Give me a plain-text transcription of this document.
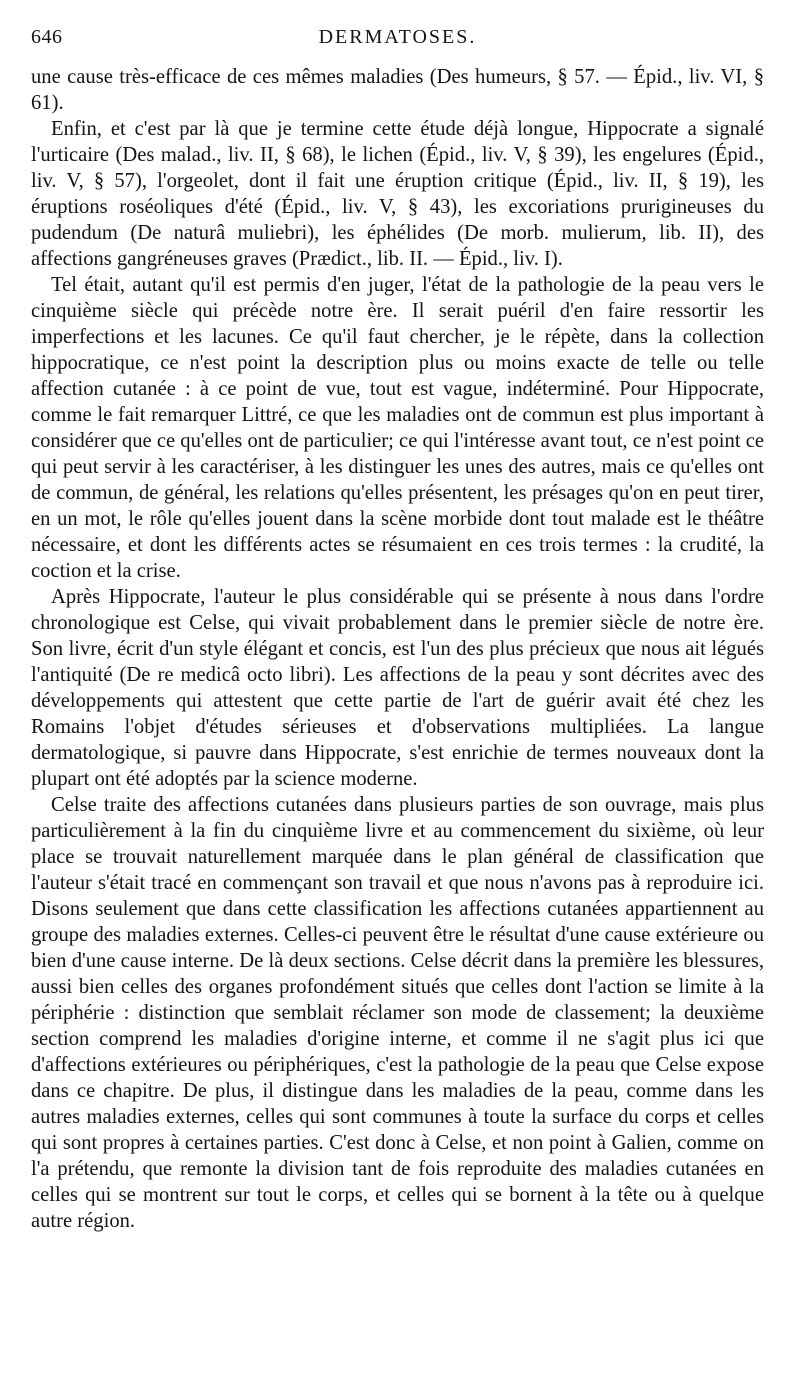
646	DERMATOSES.

une cause très-efficace de ces mêmes maladies (Des humeurs, § 57. — Épid., liv. VI, § 61).

Enfin, et c'est par là que je termine cette étude déjà longue, Hippocrate a signalé l'urticaire (Des malad., liv. II, § 68), le lichen (Épid., liv. V, § 39), les engelures (Épid., liv. V, § 57), l'orgeolet, dont il fait une éruption critique (Épid., liv. II, § 19), les éruptions roséoliques d'été (Épid., liv. V, § 43), les excoriations prurigineuses du pudendum (De naturâ muliebri), les éphélides (De morb. mulierum, lib. II), des affections gangréneuses graves (Prædict., lib. II. — Épid., liv. I).

Tel était, autant qu'il est permis d'en juger, l'état de la pathologie de la peau vers le cinquième siècle qui précède notre ère. Il serait puéril d'en faire ressortir les imperfections et les lacunes. Ce qu'il faut chercher, je le répète, dans la collection hippocratique, ce n'est point la description plus ou moins exacte de telle ou telle affection cutanée : à ce point de vue, tout est vague, indéterminé. Pour Hippocrate, comme le fait remarquer Littré, ce que les maladies ont de commun est plus important à considérer que ce qu'elles ont de particulier; ce qui l'intéresse avant tout, ce n'est point ce qui peut servir à les caractériser, à les distinguer les unes des autres, mais ce qu'elles ont de commun, de général, les relations qu'elles présentent, les présages qu'on en peut tirer, en un mot, le rôle qu'elles jouent dans la scène morbide dont tout malade est le théâtre nécessaire, et dont les différents actes se résumaient en ces trois termes : la crudité, la coction et la crise.

Après Hippocrate, l'auteur le plus considérable qui se présente à nous dans l'ordre chronologique est Celse, qui vivait probablement dans le premier siècle de notre ère. Son livre, écrit d'un style élégant et concis, est l'un des plus précieux que nous ait légués l'antiquité (De re medicâ octo libri). Les affections de la peau y sont décrites avec des développements qui attestent que cette partie de l'art de guérir avait été chez les Romains l'objet d'études sérieuses et d'observations multipliées. La langue dermatologique, si pauvre dans Hippocrate, s'est enrichie de termes nouveaux dont la plupart ont été adoptés par la science moderne.

Celse traite des affections cutanées dans plusieurs parties de son ouvrage, mais plus particulièrement à la fin du cinquième livre et au commencement du sixième, où leur place se trouvait naturellement marquée dans le plan général de classification que l'auteur s'était tracé en commençant son travail et que nous n'avons pas à reproduire ici. Disons seulement que dans cette classification les affections cutanées appartiennent au groupe des maladies externes. Celles-ci peuvent être le résultat d'une cause extérieure ou bien d'une cause interne. De là deux sections. Celse décrit dans la première les blessures, aussi bien celles des organes profondément situés que celles dont l'action se limite à la périphérie : distinction que semblait réclamer son mode de classement; la deuxième section comprend les maladies d'origine interne, et comme il ne s'agit plus ici que d'affections extérieures ou périphériques, c'est la pathologie de la peau que Celse expose dans ce chapitre. De plus, il distingue dans les maladies de la peau, comme dans les autres maladies externes, celles qui sont communes à toute la surface du corps et celles qui sont propres à certaines parties. C'est donc à Celse, et non point à Galien, comme on l'a prétendu, que remonte la division tant de fois reproduite des maladies cutanées en celles qui se montrent sur tout le corps, et celles qui se bornent à la tête ou à quelque autre région.
